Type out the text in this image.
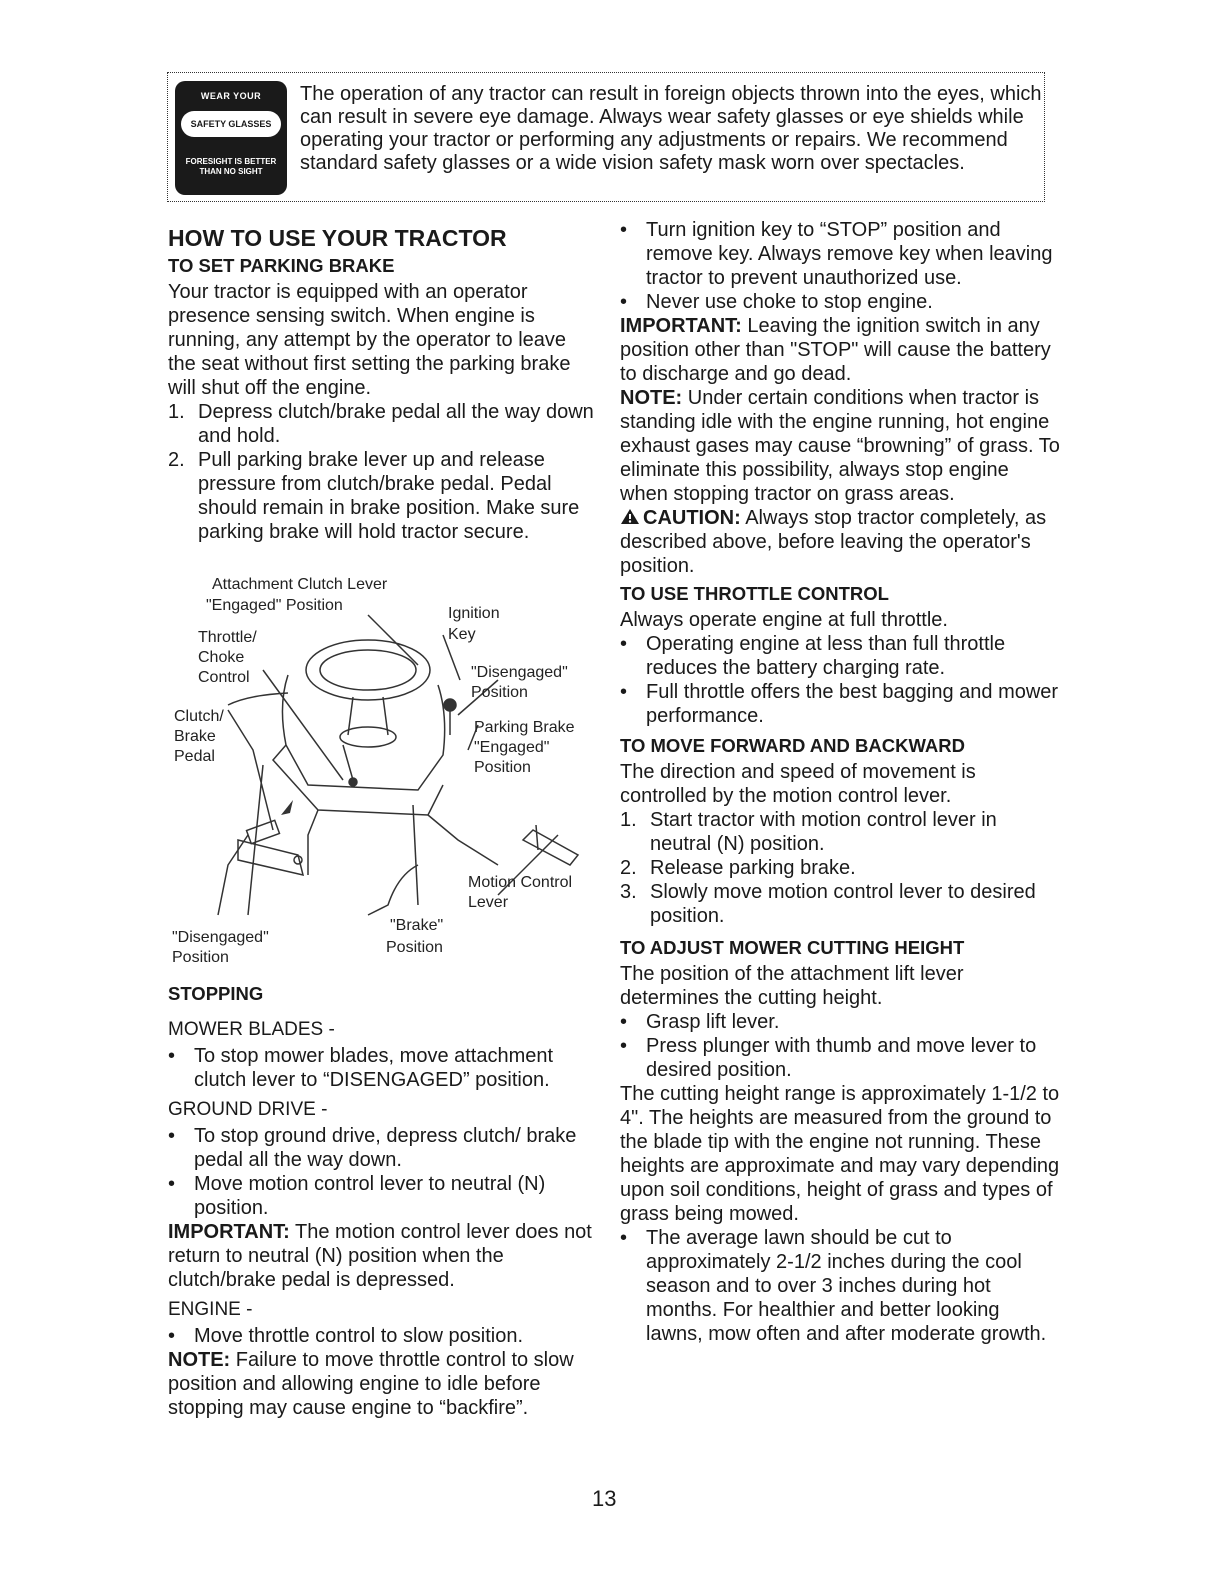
WEAR YOUR
SAFETY GLASSES
FORESIGHT IS BETTER THAN NO SIGHT
The operation of any tractor can result in foreign objects thrown into the eyes, which can result in severe eye damage. Always wear safety glasses or eye shields while operating your tractor or performing any adjustments or repairs. We recommend standard safety glasses or a wide vision safety mask worn over spectacles.
HOW TO USE YOUR TRACTOR
TO SET PARKING BRAKE

Your tractor is equipped with an operator presence sensing switch. When engine is running, any attempt by the operator to leave the seat without first setting the parking brake will shut off the engine.

1. Depress clutch/brake pedal all the way down and hold.
2. Pull parking brake lever up and release pressure from clutch/brake pedal. Pedal should remain in brake position. Make sure parking brake will hold tractor secure.
Attachment Clutch Lever
"Engaged" Position	Ignition
Key
Throttle/
Choke
Control	"Disengaged"
Position
Clutch/
Brake
Pedal
Parking Brake
"Engaged"
Position
Motion Control
Lever
"Brake"
Position
"Disengaged"
Position
STOPPING

MOWER BLADES -

• To stop mower blades, move attachment clutch lever to “DISENGAGED” position.

GROUND DRIVE -

• To stop ground drive, depress clutch/ brake pedal all the way down.
• Move motion control lever to neutral (N) position.

IMPORTANT: The motion control lever does not return to neutral (N) position when the clutch/brake pedal is depressed.

ENGINE -

• Move throttle control to slow position.

NOTE: Failure to move throttle control to slow position and allowing engine to idle before stopping may cause engine to “backfire”.

• Turn ignition key to “STOP” position and remove key. Always remove key when leaving tractor to prevent unauthorized use.
• Never use choke to stop engine.

IMPORTANT: Leaving the ignition switch in any position other than "STOP" will cause the battery to discharge and go dead.

NOTE: Under certain conditions when tractor is standing idle with the engine running, hot engine exhaust gases may cause “browning” of grass. To eliminate this possibility, always stop engine when stopping tractor on grass areas.

CAUTION: Always stop tractor completely, as described above, before leaving the operator's position.

TO USE THROTTLE CONTROL

Always operate engine at full throttle.

• Operating engine at less than full throttle reduces the battery charging rate.
• Full throttle offers the best bagging and mower performance.
TO MOVE FORWARD AND BACKWARD

The direction and speed of movement is controlled by the motion control lever.

1. Start tractor with motion control lever in neutral (N) position.
2. Release parking brake.
3. Slowly move motion control lever to desired position.
TO ADJUST MOWER CUTTING HEIGHT

The position of the attachment lift lever determines the cutting height.

• Grasp lift lever.
• Press plunger with thumb and move lever to desired position.

The cutting height range is approximately 1-1/2 to 4". The heights are measured from the ground to the blade tip with the engine not running. These heights are approximate and may vary depending upon soil conditions, height of grass and types of grass being mowed.

• The average lawn should be cut to approximately 2-1/2 inches during the cool season and to over 3 inches during hot months. For healthier and better looking lawns, mow often and after moderate growth.
13
